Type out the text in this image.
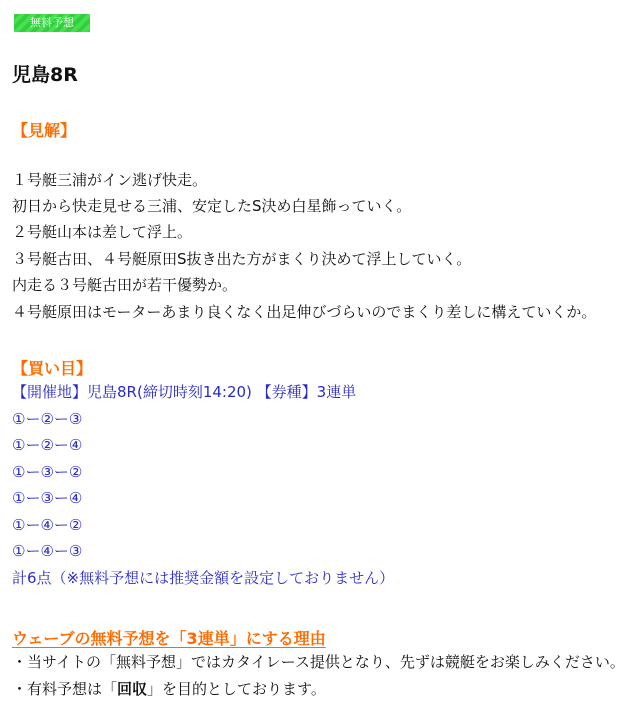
無料予想
児島8R
【見解】
１号艇三浦がイン逃げ快走。
初日から快走見せる三浦、安定したS決め白星飾っていく。
２号艇山本は差して浮上。
３号艇古田、４号艇原田S抜き出た方がまくり決めて浮上していく。
内走る３号艇古田が若干優勢か。
４号艇原田はモーターあまり良くなく出足伸びづらいのでまくり差しに構えていくか。
【買い目】
【開催地】児島8R(締切時刻14:20) 【券種】3連単
①ー②ー③
①ー②ー④
①ー③ー②
①ー③ー④
①ー④ー②
①ー④ー③
計6点（※無料予想には推奨金額を設定しておりません）
ウェーブの無料予想を「3連単」にする理由
・当サイトの「無料予想」ではカタイレース提供となり、先ずは競艇をお楽しみください。
・有料予想は「回収」を目的としております。
